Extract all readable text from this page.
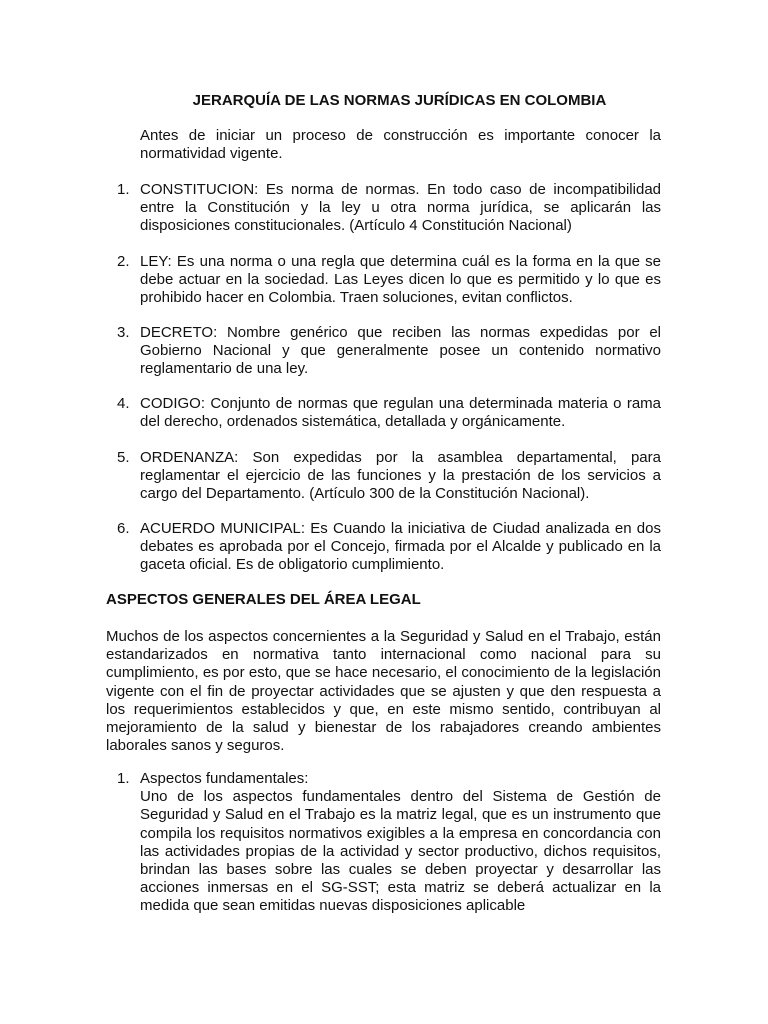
JERARQUÍA DE LAS NORMAS JURÍDICAS EN COLOMBIA
Antes de iniciar un proceso de construcción es importante conocer la normatividad vigente.
1. CONSTITUCION: Es norma de normas. En todo caso de incompatibilidad entre la Constitución y la ley u otra norma jurídica, se aplicarán las disposiciones constitucionales. (Artículo 4 Constitución Nacional)
2. LEY: Es una norma o una regla que determina cuál es la forma en la que se debe actuar en la sociedad. Las Leyes dicen lo que es permitido y lo que es prohibido hacer en Colombia. Traen soluciones, evitan conflictos.
3. DECRETO: Nombre genérico que reciben las normas expedidas por el Gobierno Nacional y que generalmente posee un contenido normativo reglamentario de una ley.
4. CODIGO: Conjunto de normas que regulan una determinada materia o rama del derecho, ordenados sistemática, detallada y orgánicamente.
5. ORDENANZA: Son expedidas por la asamblea departamental, para reglamentar el ejercicio de las funciones y la prestación de los servicios a cargo del Departamento. (Artículo 300 de la Constitución Nacional).
6. ACUERDO MUNICIPAL: Es Cuando la iniciativa de Ciudad analizada en dos debates es aprobada por el Concejo, firmada por el Alcalde y publicado en la gaceta oficial. Es de obligatorio cumplimiento.
ASPECTOS GENERALES DEL ÁREA LEGAL
Muchos de los aspectos concernientes a la Seguridad y Salud en el Trabajo, están estandarizados en normativa tanto internacional como nacional para su cumplimiento, es por esto, que se hace necesario, el conocimiento de la legislación vigente con el fin de proyectar actividades que se ajusten y que den respuesta a los requerimientos establecidos y que, en este mismo sentido, contribuyan al mejoramiento de la salud y bienestar de los rabajadores creando ambientes laborales sanos y seguros.
1. Aspectos fundamentales:
Uno de los aspectos fundamentales dentro del Sistema de Gestión de Seguridad y Salud en el Trabajo es la matriz legal, que es un instrumento que compila los requisitos normativos exigibles a la empresa en concordancia con las actividades propias de la actividad y sector productivo, dichos requisitos, brindan las bases sobre las cuales se deben proyectar y desarrollar las acciones inmersas en el SG-SST; esta matriz se deberá actualizar en la medida que sean emitidas nuevas disposiciones aplicable
